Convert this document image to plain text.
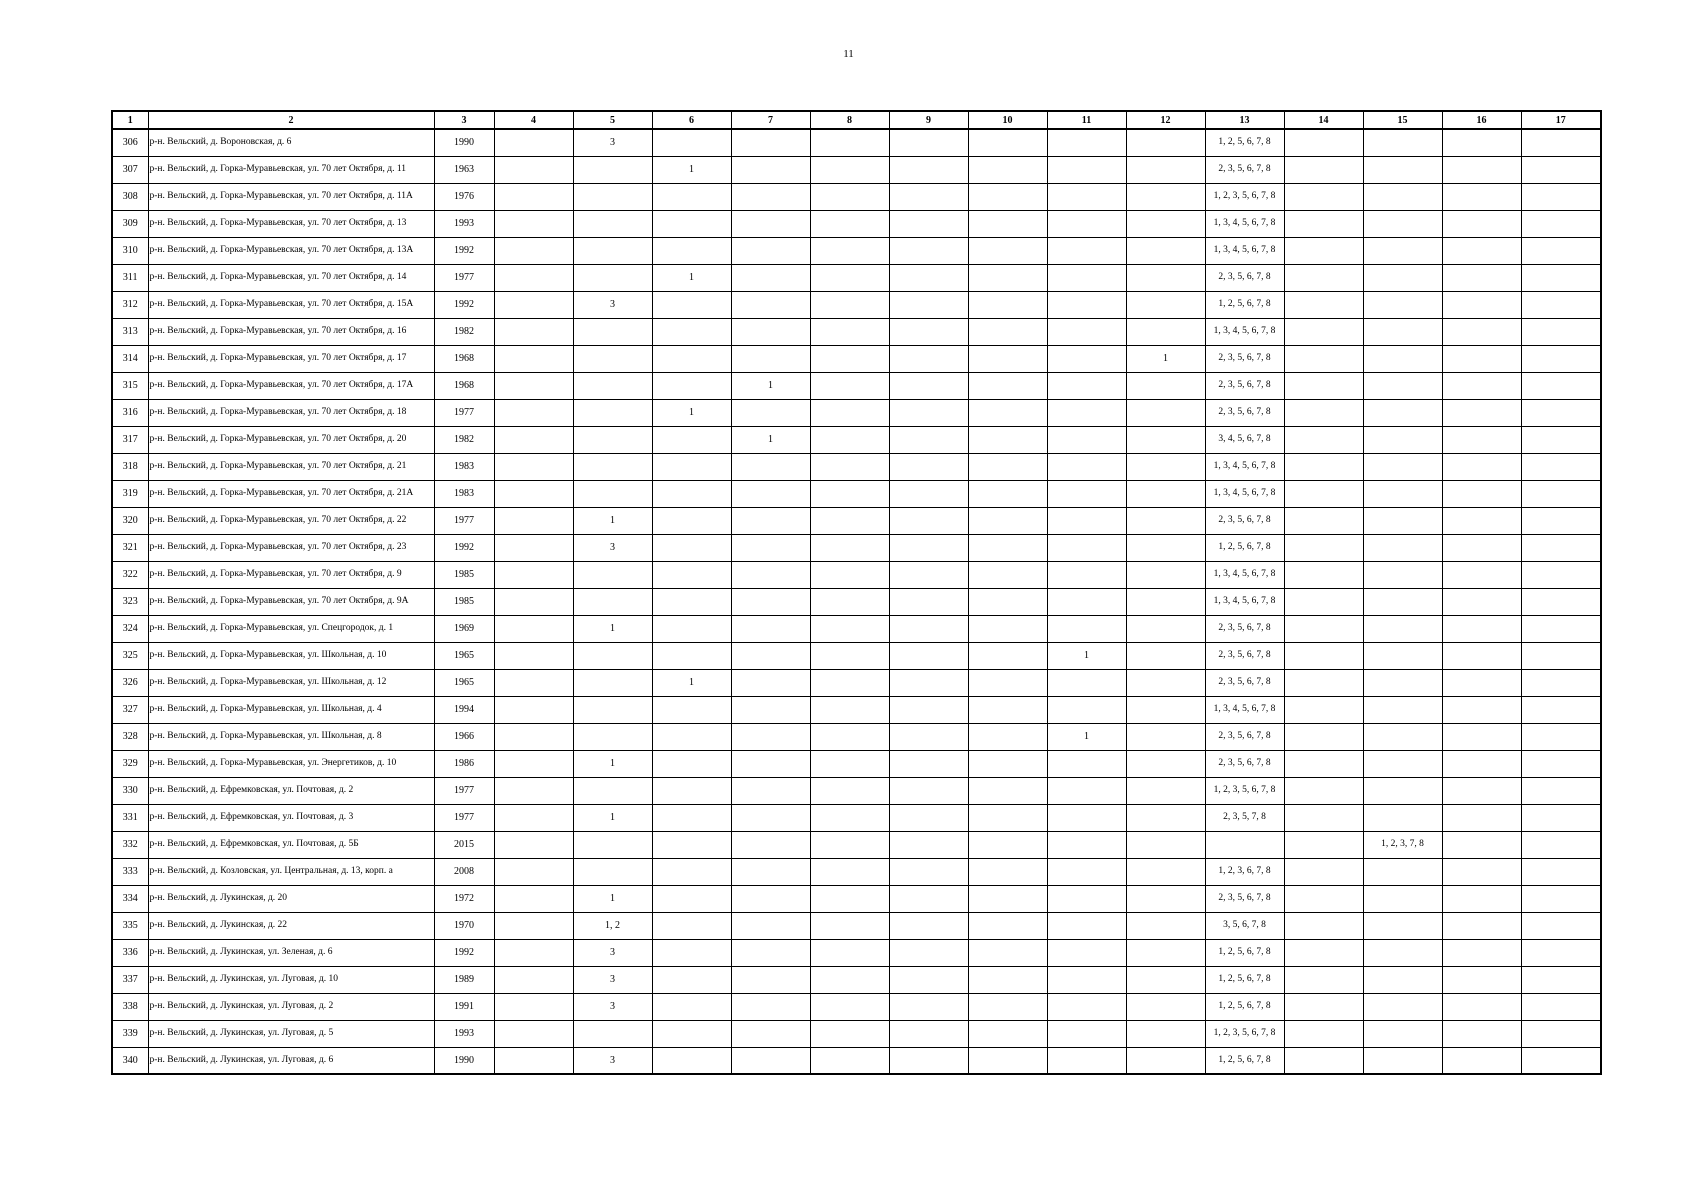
11
1	2	3	4	5	6	7	8	9	10	11	12	13	14	15	16	17
306	р-н. Вельский, д. Вороновская, д. 6	1990		3								1, 2, 5, 6, 7, 8				
307	р-н. Вельский, д. Горка-Муравьевская, ул. 70 лет Октября, д. 11	1963			1							2, 3, 5, 6, 7, 8				
308	р-н. Вельский, д. Горка-Муравьевская, ул. 70 лет Октября, д. 11А	1976										1, 2, 3, 5, 6, 7, 8				
309	р-н. Вельский, д. Горка-Муравьевская, ул. 70 лет Октября, д. 13	1993										1, 3, 4, 5, 6, 7, 8				
310	р-н. Вельский, д. Горка-Муравьевская, ул. 70 лет Октября, д. 13А	1992										1, 3, 4, 5, 6, 7, 8				
311	р-н. Вельский, д. Горка-Муравьевская, ул. 70 лет Октября, д. 14	1977			1							2, 3, 5, 6, 7, 8				
312	р-н. Вельский, д. Горка-Муравьевская, ул. 70 лет Октября, д. 15А	1992		3								1, 2, 5, 6, 7, 8				
313	р-н. Вельский, д. Горка-Муравьевская, ул. 70 лет Октября, д. 16	1982										1, 3, 4, 5, 6, 7, 8				
314	р-н. Вельский, д. Горка-Муравьевская, ул. 70 лет Октября, д. 17	1968									1	2, 3, 5, 6, 7, 8				
315	р-н. Вельский, д. Горка-Муравьевская, ул. 70 лет Октября, д. 17А	1968				1						2, 3, 5, 6, 7, 8				
316	р-н. Вельский, д. Горка-Муравьевская, ул. 70 лет Октября, д. 18	1977			1							2, 3, 5, 6, 7, 8				
317	р-н. Вельский, д. Горка-Муравьевская, ул. 70 лет Октября, д. 20	1982				1						3, 4, 5, 6, 7, 8				
318	р-н. Вельский, д. Горка-Муравьевская, ул. 70 лет Октября, д. 21	1983										1, 3, 4, 5, 6, 7, 8				
319	р-н. Вельский, д. Горка-Муравьевская, ул. 70 лет Октября, д. 21А	1983										1, 3, 4, 5, 6, 7, 8				
320	р-н. Вельский, д. Горка-Муравьевская, ул. 70 лет Октября, д. 22	1977		1								2, 3, 5, 6, 7, 8				
321	р-н. Вельский, д. Горка-Муравьевская, ул. 70 лет Октября, д. 23	1992		3								1, 2, 5, 6, 7, 8				
322	р-н. Вельский, д. Горка-Муравьевская, ул. 70 лет Октября, д. 9	1985										1, 3, 4, 5, 6, 7, 8				
323	р-н. Вельский, д. Горка-Муравьевская, ул. 70 лет Октября, д. 9А	1985										1, 3, 4, 5, 6, 7, 8				
324	р-н. Вельский, д. Горка-Муравьевская, ул. Спецгородок, д. 1	1969		1								2, 3, 5, 6, 7, 8				
325	р-н. Вельский, д. Горка-Муравьевская, ул. Школьная, д. 10	1965								1		2, 3, 5, 6, 7, 8				
326	р-н. Вельский, д. Горка-Муравьевская, ул. Школьная, д. 12	1965			1							2, 3, 5, 6, 7, 8				
327	р-н. Вельский, д. Горка-Муравьевская, ул. Школьная, д. 4	1994										1, 3, 4, 5, 6, 7, 8				
328	р-н. Вельский, д. Горка-Муравьевская, ул. Школьная, д. 8	1966								1		2, 3, 5, 6, 7, 8				
329	р-н. Вельский, д. Горка-Муравьевская, ул. Энергетиков, д. 10	1986		1								2, 3, 5, 6, 7, 8				
330	р-н. Вельский, д. Ефремковская, ул. Почтовая, д. 2	1977										1, 2, 3, 5, 6, 7, 8				
331	р-н. Вельский, д. Ефремковская, ул. Почтовая, д. 3	1977		1								2, 3, 5, 7, 8				
332	р-н. Вельский, д. Ефремковская, ул. Почтовая, д. 5Б	2015												1, 2, 3, 7, 8		
333	р-н. Вельский, д. Козловская, ул. Центральная, д. 13, корп. а	2008										1, 2, 3, 6, 7, 8				
334	р-н. Вельский, д. Лукинская, д. 20	1972		1								2, 3, 5, 6, 7, 8				
335	р-н. Вельский, д. Лукинская, д. 22	1970		1, 2								3, 5, 6, 7, 8				
336	р-н. Вельский, д. Лукинская, ул. Зеленая, д. 6	1992		3								1, 2, 5, 6, 7, 8				
337	р-н. Вельский, д. Лукинская, ул. Луговая, д. 10	1989		3								1, 2, 5, 6, 7, 8				
338	р-н. Вельский, д. Лукинская, ул. Луговая, д. 2	1991		3								1, 2, 5, 6, 7, 8				
339	р-н. Вельский, д. Лукинская, ул. Луговая, д. 5	1993										1, 2, 3, 5, 6, 7, 8				
340	р-н. Вельский, д. Лукинская, ул. Луговая, д. 6	1990		3								1, 2, 5, 6, 7, 8				
